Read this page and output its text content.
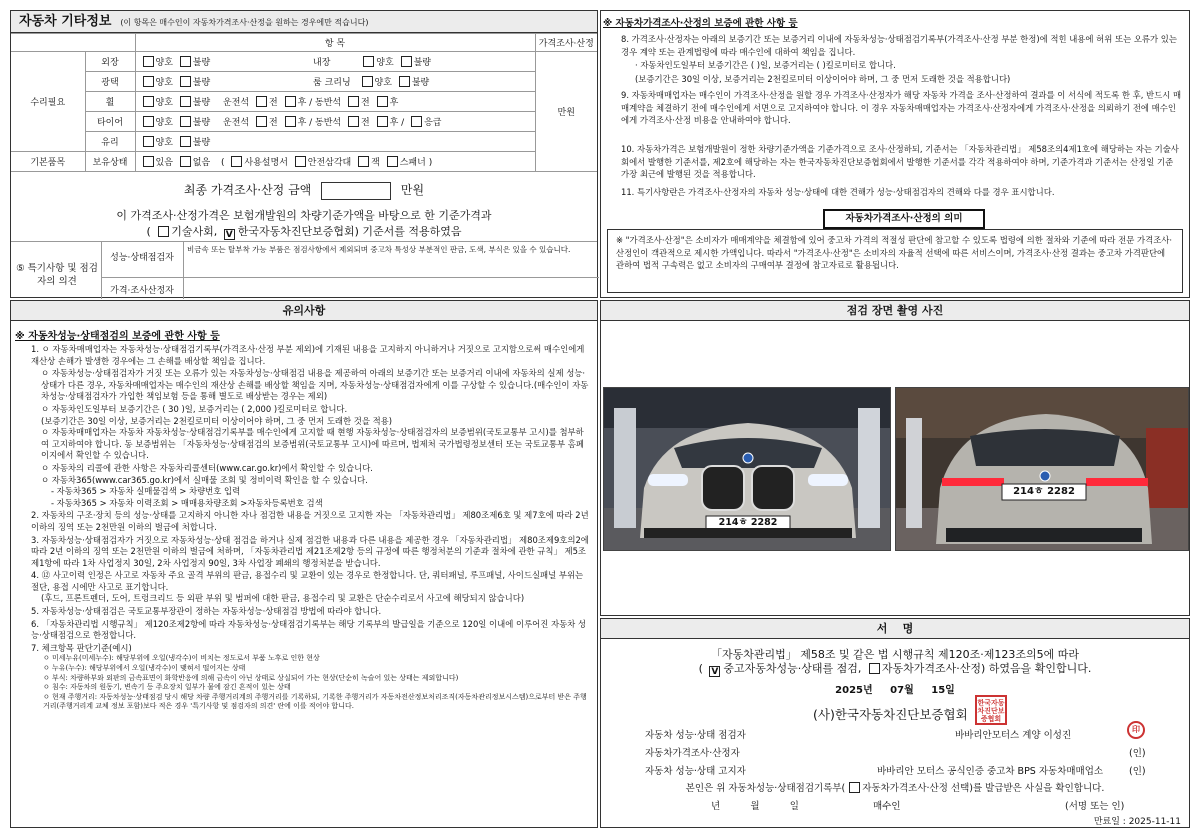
자동차 기타정보 (이 항목은 매수인이 자동차가격조사·산정을 원하는 경우에만 적습니다)
		항 목	가격조사·산정
수리필요	외장	양호 불량 내장 양호 불량	만원
	광택	양호 불량 룸 크리닝 양호 불량	
	휠	양호 불량 운전석 전 후 / 동반석 전 후	
	타이어	양호 불량 운전석 전 후 / 동반석 전 후 / 응급	
	유리	양호 불량	
기본품목	보유상태	있음 없음 ( 사용설명서 안전삼각대 잭 스패너 )	
최종 가격조사·산정 금액	만원
이 가격조사·산정가격은 보험개발원의 차량기준가액을 바탕으로 한 기준가격과
( 기술사회, V 한국자동차진단보증협회) 기준서를 적용하였음
⑤ 특기사항 및 점검자의 의견
성능·상태점검자
비금속 또는 탈부착 가능 부품은 점검사항에서 제외되며 중고차 특성상 부분적인 판금, 도색, 부식은 있을 수 있습니다.
가격·조사산정자
※ 자동차가격조사·산정의 보증에 관한 사항 등
8. 가격조사·산정자는 아래의 보증기간 또는 보증거리 이내에 자동차성능·상태점검기록부(가격조사·산정 부분 한정)에 적힌 내용에 허위 또는 오류가 있는 경우 계약 또는 관계법령에 따라 매수인에 대하여 책임을 집니다.
· 자동차인도일부터 보증기간은 ( )일, 보증거리는 ( )킬로미터로 합니다.
(보증기간은 30일 이상, 보증거리는 2천킬로미터 이상이어야 하며, 그 중 먼저 도래한 것을 적용합니다)
9. 자동차매매업자는 매수인이 가격조사·산정을 원할 경우 가격조사·산정자가 해당 자동차 가격을 조사·산정하여 결과를 이 서식에 적도록 한 후, 반드시 매매계약을 체결하기 전에 매수인에게 서면으로 고지하여야 합니다. 이 경우 자동차매매업자는 가격조사·산정자에게 가격조사·산정을 의뢰하기 전에 매수인에게 가격조사·산정 비용을 안내하여야 합니다.
10. 자동차가격은 보험개발원이 정한 차량기준가액을 기준가격으로 조사·산정하되, 기준서는 「자동차관리법」 제58조의4제1호에 해당하는 자는 기술사회에서 발행한 기준서를, 제2호에 해당하는 자는 한국자동차진단보증협회에서 발행한 기준서를 각각 적용하여야 하며, 기준가격과 기준서는 산정일 기준 가장 최근에 발행된 것을 적용합니다.
11. 특기사항란은 가격조사·산정자의 자동차 성능·상태에 대한 견해가 성능·상태점검자의 견해와 다를 경우 표시합니다.
자동차가격조사·산정의 의미
※ "가격조사·산정"은 소비자가 매매계약을 체결함에 있어 중고차 가격의 적절성 판단에 참고할 수 있도록 법령에 의한 절차와 기준에 따라 전문 가격조사·산정인이 객관적으로 제시한 가액입니다. 따라서 "가격조사·산정"은 소비자의 자율적 선택에 따른 서비스이며, 가격조사·산정 결과는 중고차 가격판단에 관하여 법적 구속력은 없고 소비자의 구매여부 결정에 참고자료로 활용됩니다.
유의사항
※ 자동차성능·상태점검의 보증에 관한 사항 등
1. ㅇ 자동차매매업자는 자동차성능·상태점검기록부(가격조사·산정 부분 제외)에 기재된 내용을 고지하지 아니하거나 거짓으로 고지함으로써 매수인에게 재산상 손해가 발생한 경우에는 그 손해를 배상할 책임을 집니다.
ㅇ 자동차성능·상태점검자가 거짓 또는 오류가 있는 자동차성능·상태점검 내용을 제공하여 아래의 보증기간 또는 보증거리 이내에 자동차의 실제 성능·상태가 다른 경우, 자동차매매업자는 매수인의 재산상 손해를 배상할 책임을 지며, 자동차성능·상태점검자에게 이를 구상할 수 있습니다.(매수인이 자동차성능·상태점검자가 가입한 책임보험 등을 통해 별도로 배상받는 경우는 제외)
ㅇ 자동차인도일부터 보증기간은 ( 30 )일, 보증거리는 ( 2,000 )킬로미터로 합니다.
(보증기간은 30일 이상, 보증거리는 2천킬로미터 이상이어야 하며, 그 중 먼저 도래한 것을 적용)
ㅇ 자동차매매업자는 자동차 자동차성능·상태점검기록부를 매수인에게 고지할 때 현행 자동차성능·상태점검자의 보증범위(국토교통부 고시)를 첨부하여 고지하여야 합니다. 동 보증범위는 「자동차성능·상태점검의 보증범위(국토교통부 고시)에 따르며, 법제처 국가법령정보센터 또는 국토교통부 홈페이지에서 확인할 수 있습니다.
ㅇ 자동차의 리콜에 관한 사항은 자동차리콜센터(www.car.go.kr)에서 확인할 수 있습니다.
ㅇ 자동차365(www.car365.go.kr)에서 실매물 조회 및 정비이력 확인을 할 수 있습니다.
- 자동차365 > 자동차 실매물검색 > 차량번호 입력
- 자동차365 > 자동차 이력조회 > 매매용차량조회 >자동차등록번호 검색
2. 자동차의 구조·장치 등의 성능·상태를 고지하지 아니한 자나 점검한 내용을 거짓으로 고지한 자는 「자동차관리법」 제80조제6호 및 제7호에 따라 2년 이하의 징역 또는 2천만원 이하의 벌금에 처합니다.
3. 자동차성능·상태점검자가 거짓으로 자동차성능·상태 점검을 하거나 실제 점검한 내용과 다른 내용을 제공한 경우 「자동차관리법」 제80조제9호의2에 따라 2년 이하의 징역 또는 2천만원 이하의 벌금에 처하며, 「자동차관리법 제21조제2항 등의 규정에 따른 행정처분의 기준과 절차에 관한 규칙」 제5조제1항에 따라 1차 사업정지 30일, 2차 사업정지 90일, 3차 사업장 폐쇄의 행정처분을 받습니다.
4. ⑫ 사고이력 인정은 사고로 자동차 주요 골격 부위의 판금, 용접수리 및 교환이 있는 경우로 한정합니다. 단, 쿼터패널, 루프패널, 사이드실패널 부위는 절단, 용접 시에만 사고로 표기합니다.
(후드, 프론트펜더, 도어, 트렁크리드 등 외판 부위 및 범퍼에 대한 판금, 용접수리 및 교환은 단순수리로서 사고에 해당되지 않습니다)
5. 자동차성능·상태점검은 국토교통부장관이 정하는 자동차성능·상태점검 방법에 따라야 합니다.
6. 「자동차관리법 시행규칙」 제120조제2항에 따라 자동차성능·상태점검기록부는 해당 기록부의 발급일을 기준으로 120일 이내에 이루어진 자동차 성능·상태점검으로 한정합니다.
7. 체크항목 판단기준(예시)
ㅇ 미세누유(미세누수): 해당부위에 오일(냉각수)이 비치는 정도로서 부품 노후로 인한 현상
ㅇ 누유(누수): 해당부위에서 오일(냉각수)이 맺혀서 떨어지는 상태
ㅇ 부식: 차량하부와 외판의 금속표면이 화학반응에 의해 금속이 아닌 상태로 상실되어 가는 현상(단순히 녹슬어 있는 상태는 제외합니다)
ㅇ 침수: 자동차의 원동기, 변속기 등 주요장치 일부가 물에 잠긴 흔적이 있는 상태
ㅇ 현재 주행거리: 자동차성능·상태점검 당시 해당 차량 주행거리계의 주행거리를 기록하되, 기록한 주행거리가 자동차전산정보처리조직(자동차관리정보시스템)으로부터 받은 주행거리(주행거리계 교체 정보 포함)보다 적은 경우 '특기사항 및 점검자의 의견' 란에 이를 적어야 합니다.
점검 장면 촬영 사진
214ㅎ 2282
214ㅎ 2282
서    명
「자동차관리법」 제58조 및 같은 법 시행규칙 제120조·제123조의5에 따라
( V 중고자동차성능·상태를 점검, 자동차가격조사·산정) 하였음을 확인합니다.
2025년 07월 15일
(사)한국자동차진단보증협회
한국자동차진단보증협회
자동차 성능·상태 점검자	바바리안모터스 계양 이성진
印
자동차가격조사·산정자	(인)
자동차 성능·상태 고지자	바바리안 모터스 공식인증 중고차 BPS 자동차매매업소	(인)
본인은 위 자동차성능·상태점검기록부( 자동차가격조사·산정 선택)를 발급받은 사실을 확인합니다.
년          월          일	매수인	(서명 또는 인)
만료일 : 2025-11-11
